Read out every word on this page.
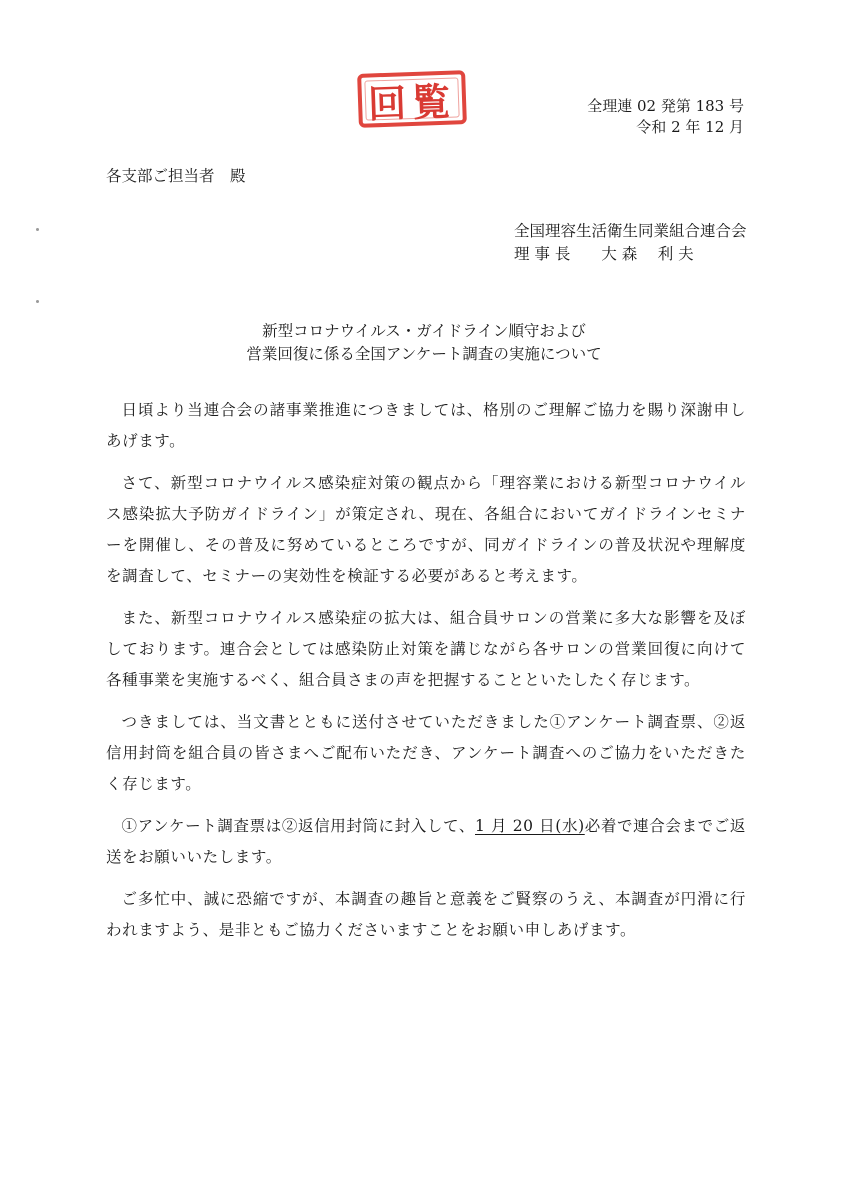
回覧	全理連 02 発第 183 号
令和 2 年 12 月
各支部ご担当者　殿
全国理容生活衛生同業組合連合会
理 事 長　　大 森　 利 夫
新型コロナウイルス・ガイドライン順守および
営業回復に係る全国アンケート調査の実施について

日頃より当連合会の諸事業推進につきましては、格別のご理解ご協力を賜り深謝申しあげます。

さて、新型コロナウイルス感染症対策の観点から「理容業における新型コロナウイルス感染拡大予防ガイドライン」が策定され、現在、各組合においてガイドラインセミナーを開催し、その普及に努めているところですが、同ガイドラインの普及状況や理解度を調査して、セミナーの実効性を検証する必要があると考えます。

また、新型コロナウイルス感染症の拡大は、組合員サロンの営業に多大な影響を及ぼしております。連合会としては感染防止対策を講じながら各サロンの営業回復に向けて各種事業を実施するべく、組合員さまの声を把握することといたしたく存じます。

つきましては、当文書とともに送付させていただきました①アンケート調査票、②返信用封筒を組合員の皆さまへご配布いただき、アンケート調査へのご協力をいただきたく存じます。

①アンケート調査票は②返信用封筒に封入して、1 月 20 日(水)必着で連合会までご返送をお願いいたします。

ご多忙中、誠に恐縮ですが、本調査の趣旨と意義をご賢察のうえ、本調査が円滑に行われますよう、是非ともご協力くださいますことをお願い申しあげます。
